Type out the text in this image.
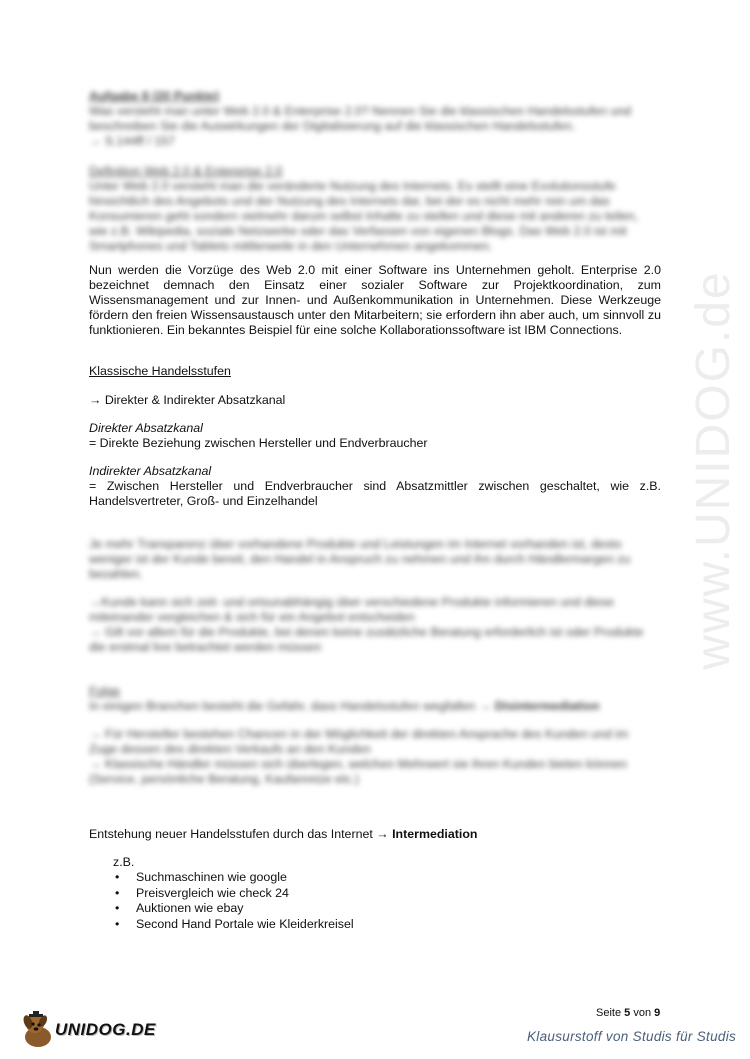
www.UNIDOG.de
Aufgabe 8 (20 Punkte)
Was versteht man unter Web 2.0 & Enterprise 2.0? Nennen Sie die klassischen Handelsstufen und
beschreiben Sie die Auswirkungen der Digitalisierung auf die klassischen Handelsstufen.
→ S.144ff / 157
Definition Web 2.0 & Enterprise 2.0
Unter Web 2.0 versteht man die veränderte Nutzung des Internets. Es stellt eine Evolutionsstufe
hinsichtlich des Angebots und der Nutzung des Internets dar, bei der es nicht mehr rein um das
Konsumieren geht sondern vielmehr darum selbst Inhalte zu stellen und diese mit anderen zu teilen,
wie z.B. Wikipedia, soziale Netzwerke oder das Verfassen von eigenen Blogs. Das Web 2.0 ist mit
Smartphones und Tablets mittlerweile in den Unternehmen angekommen.
Nun werden die Vorzüge des Web 2.0 mit einer Software ins Unternehmen geholt. Enterprise 2.0 bezeichnet demnach den Einsatz einer sozialer Software zur Projektkoordination, zum Wissensmanagement und zur Innen- und Außenkommunikation in Unternehmen. Diese Werkzeuge fördern den freien Wissensaustausch unter den Mitarbeitern; sie erfordern ihn aber auch, um sinnvoll zu funktionieren. Ein bekanntes Beispiel für eine solche Kollaborationssoftware ist IBM Connections.
Klassische Handelsstufen
→ Direkter & Indirekter Absatzkanal
Direkter Absatzkanal
= Direkte Beziehung zwischen Hersteller und Endverbraucher
Indirekter Absatzkanal
= Zwischen Hersteller und Endverbraucher sind Absatzmittler zwischen geschaltet, wie z.B. Handelsvertreter, Groß- und Einzelhandel
Je mehr Transparenz über vorhandene Produkte und Leistungen im Internet vorhanden ist, desto
weniger ist der Kunde bereit, den Handel in Anspruch zu nehmen und ihn durch Händlermargen zu
bezahlen.
→Kunde kann sich zeit- und ortsunabhängig über verschiedene Produkte informieren und diese
miteinander vergleichen & sich für ein Angebot entscheiden
→ Gilt vor allem für die Produkte, bei denen keine zusätzliche Beratung erforderlich ist oder Produkte
die erstmal live betrachtet werden müssen
Folge
In einigen Branchen besteht die Gefahr, dass Handelsstufen wegfallen → Disintermediation
→ Für Hersteller bestehen Chancen in der Möglichkeit der direkten Ansprache des Kunden und im
Zuge dessen des direkten Verkaufs an den Kunden
→ Klassische Händler müssen sich überlegen, welchen Mehrwert sie ihren Kunden bieten können
(Service, persönliche Beratung, Kaufanreize etc.)
Entstehung neuer Handelsstufen durch das Internet → Intermediation
z.B.
• Suchmaschinen wie google
• Preisvergleich wie check 24
• Auktionen wie ebay
• Second Hand Portale wie Kleiderkreisel
Seite 5 von 9
UNIDOG.DE	Klausurstoff von Studis für Studis
